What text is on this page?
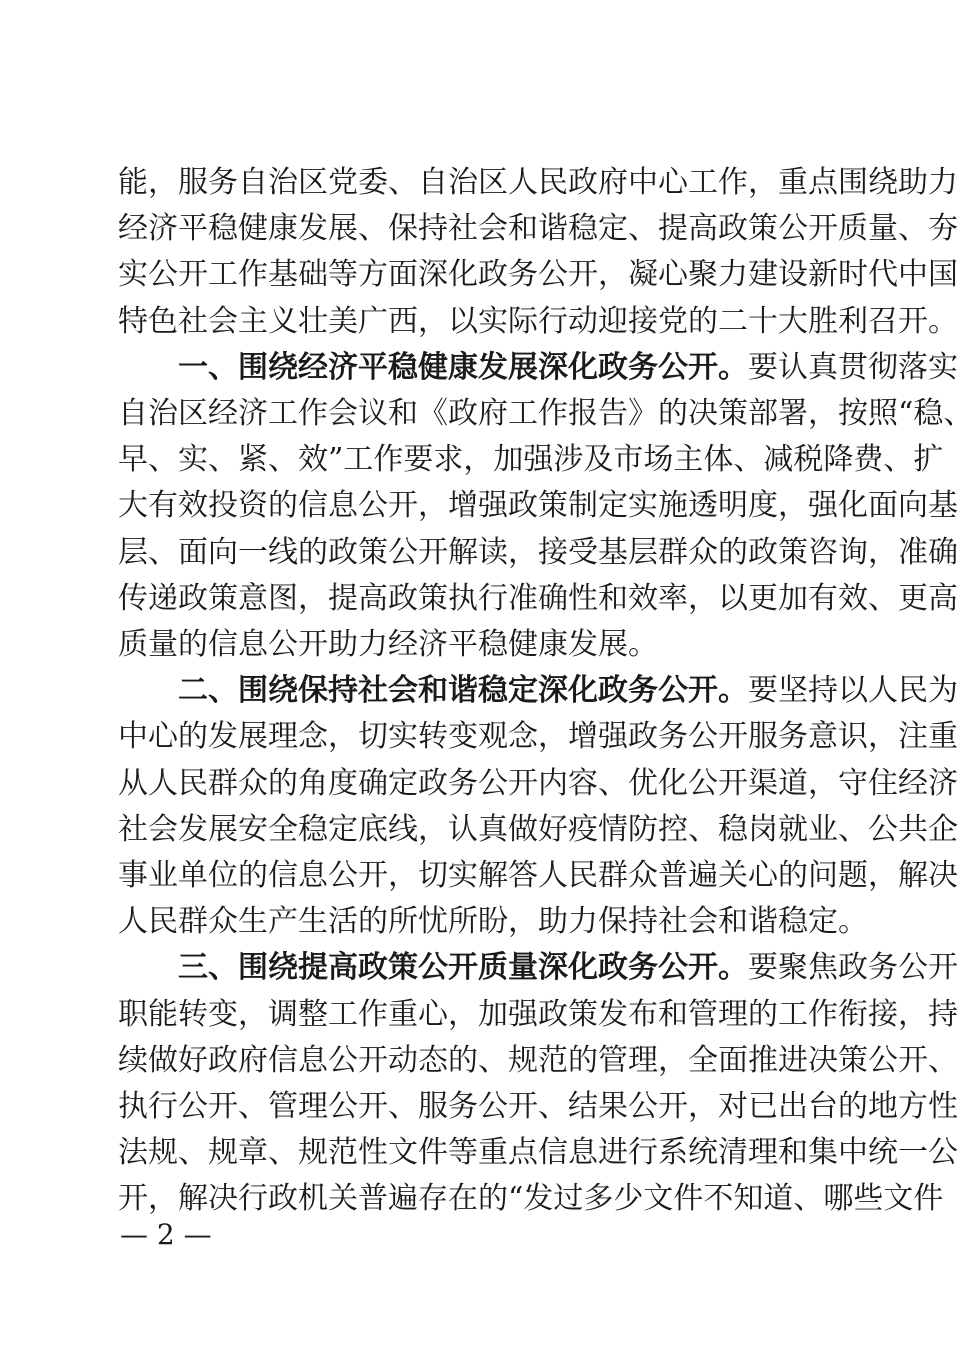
能，服务自治区党委、自治区人民政府中心工作，重点围绕助力
经济平稳健康发展、保持社会和谐稳定、提高政策公开质量、夯
实公开工作基础等方面深化政务公开，凝心聚力建设新时代中国
特色社会主义壮美广西，以实际行动迎接党的二十大胜利召开。
一、围绕经济平稳健康发展深化政务公开。要认真贯彻落实
自治区经济工作会议和《政府工作报告》的决策部署，按照“稳、
早、实、紧、效”工作要求，加强涉及市场主体、减税降费、扩
大有效投资的信息公开，增强政策制定实施透明度，强化面向基
层、面向一线的政策公开解读，接受基层群众的政策咨询，准确
传递政策意图，提高政策执行准确性和效率，以更加有效、更高
质量的信息公开助力经济平稳健康发展。
二、围绕保持社会和谐稳定深化政务公开。要坚持以人民为
中心的发展理念，切实转变观念，增强政务公开服务意识，注重
从人民群众的角度确定政务公开内容、优化公开渠道，守住经济
社会发展安全稳定底线，认真做好疫情防控、稳岗就业、公共企
事业单位的信息公开，切实解答人民群众普遍关心的问题，解决
人民群众生产生活的所忧所盼，助力保持社会和谐稳定。
三、围绕提高政策公开质量深化政务公开。要聚焦政务公开
职能转变，调整工作重心，加强政策发布和管理的工作衔接，持
续做好政府信息公开动态的、规范的管理，全面推进决策公开、
执行公开、管理公开、服务公开、结果公开，对已出台的地方性
法规、规章、规范性文件等重点信息进行系统清理和集中统一公
开，解决行政机关普遍存在的“发过多少文件不知道、哪些文件
— 2 —
